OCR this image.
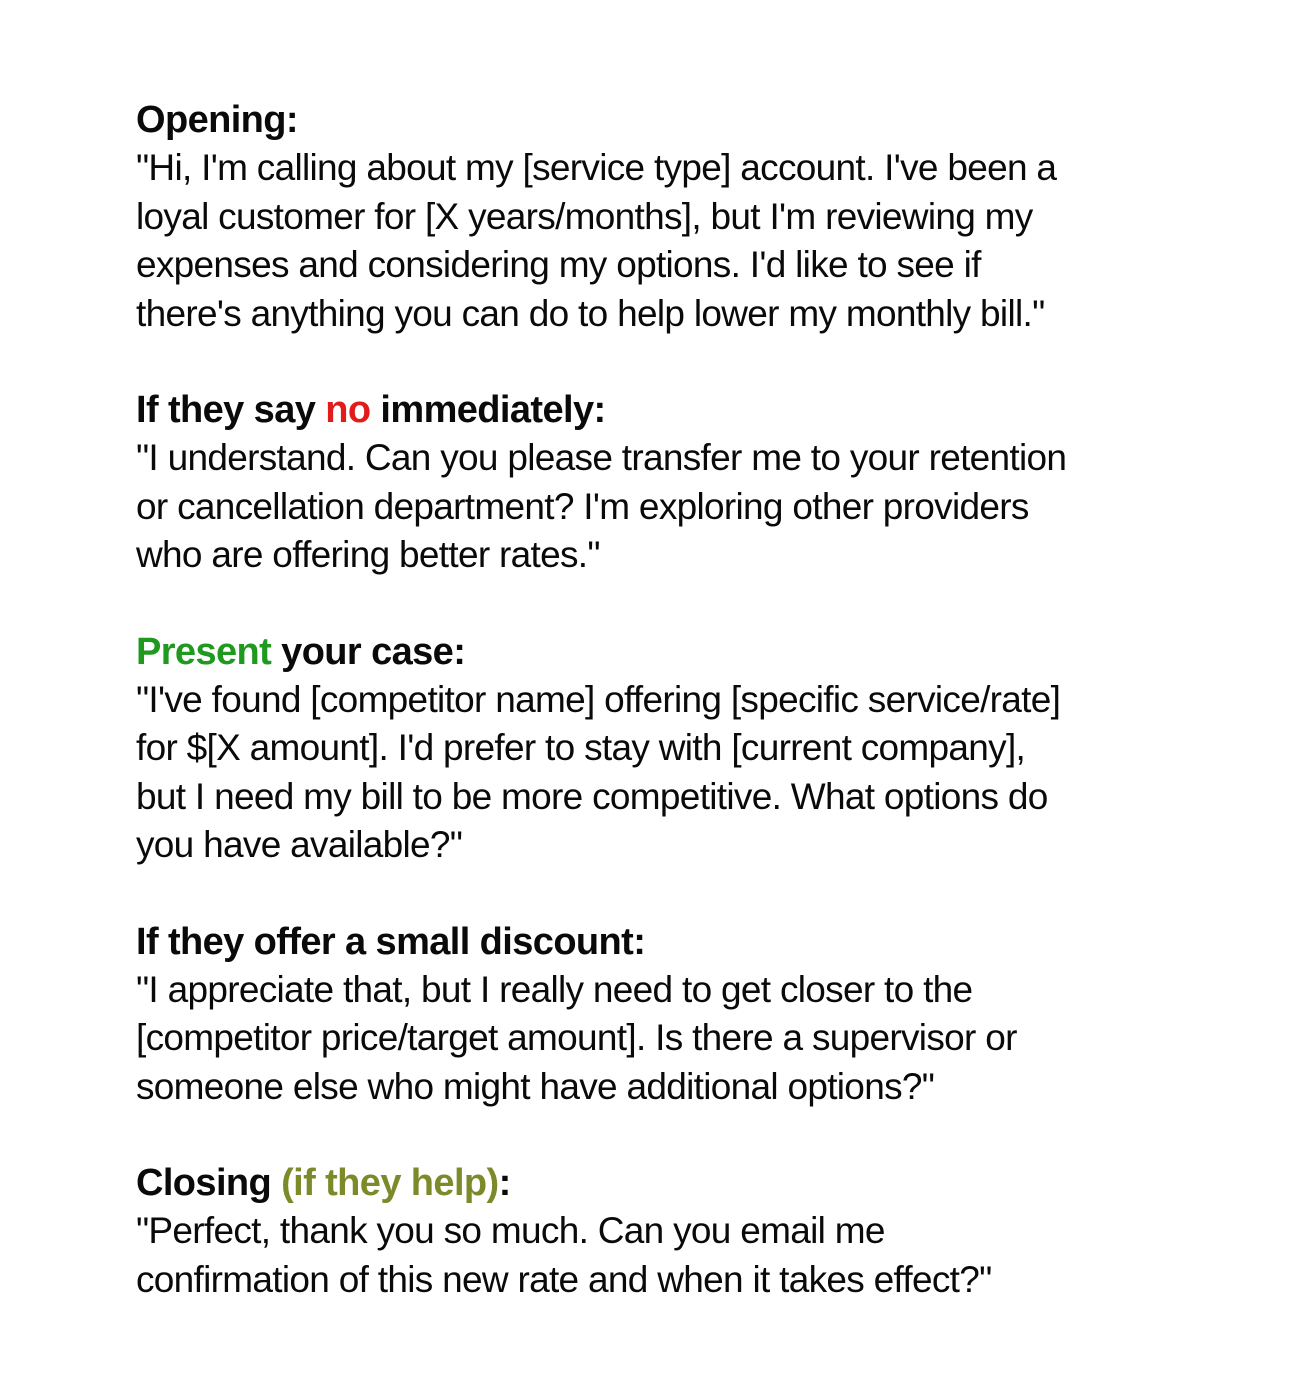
Opening:

"Hi, I'm calling about my [service type] account. I've been a

loyal customer for [X years/months], but I'm reviewing my

expenses and considering my options. I'd like to see if

there's anything you can do to help lower my monthly bill."

If they say no immediately:

"I understand. Can you please transfer me to your retention

or cancellation department? I'm exploring other providers

who are offering better rates."

Present your case:

"I've found [competitor name] offering [specific service/rate]

for $[X amount]. I'd prefer to stay with [current company],

but I need my bill to be more competitive. What options do

you have available?"

If they offer a small discount:

"I appreciate that, but I really need to get closer to the

[competitor price/target amount]. Is there a supervisor or

someone else who might have additional options?"

Closing (if they help):

"Perfect, thank you so much. Can you email me

confirmation of this new rate and when it takes effect?"
